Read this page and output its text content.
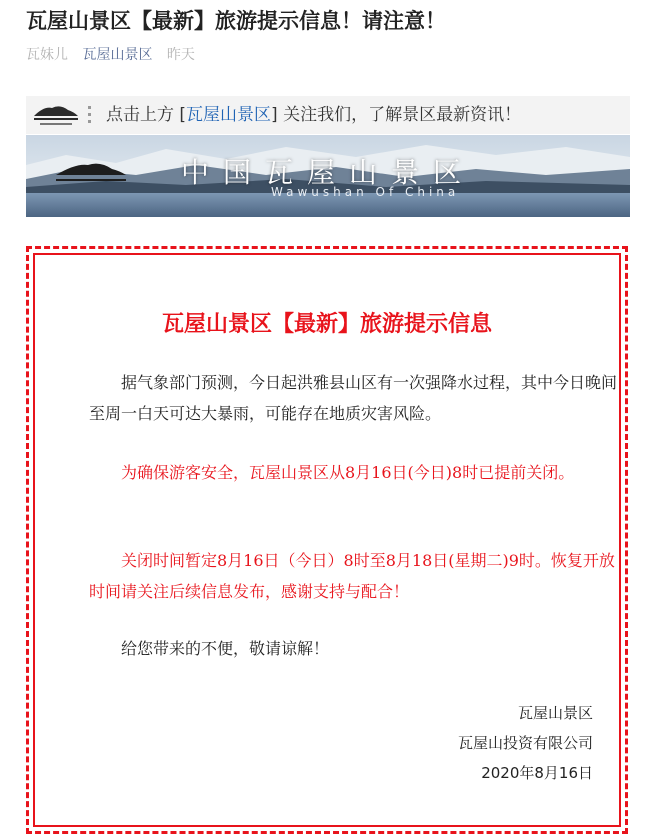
瓦屋山景区【最新】旅游提示信息！请注意！
瓦妹儿 瓦屋山景区 昨天
点击上方 [瓦屋山景区] 关注我们，了解景区最新资讯！
中国瓦屋山景区
Wawushan Of China
瓦屋山景区【最新】旅游提示信息
据气象部门预测，今日起洪雅县山区有一次强降水过程，其中今日晚间至周一白天可达大暴雨，可能存在地质灾害风险。
为确保游客安全，瓦屋山景区从8月16日(今日)8时已提前关闭。
关闭时间暂定8月16日（今日）8时至8月18日(星期二)9时。恢复开放时间请关注后续信息发布，感谢支持与配合！
给您带来的不便，敬请谅解！
瓦屋山景区
瓦屋山投资有限公司
2020年8月16日
